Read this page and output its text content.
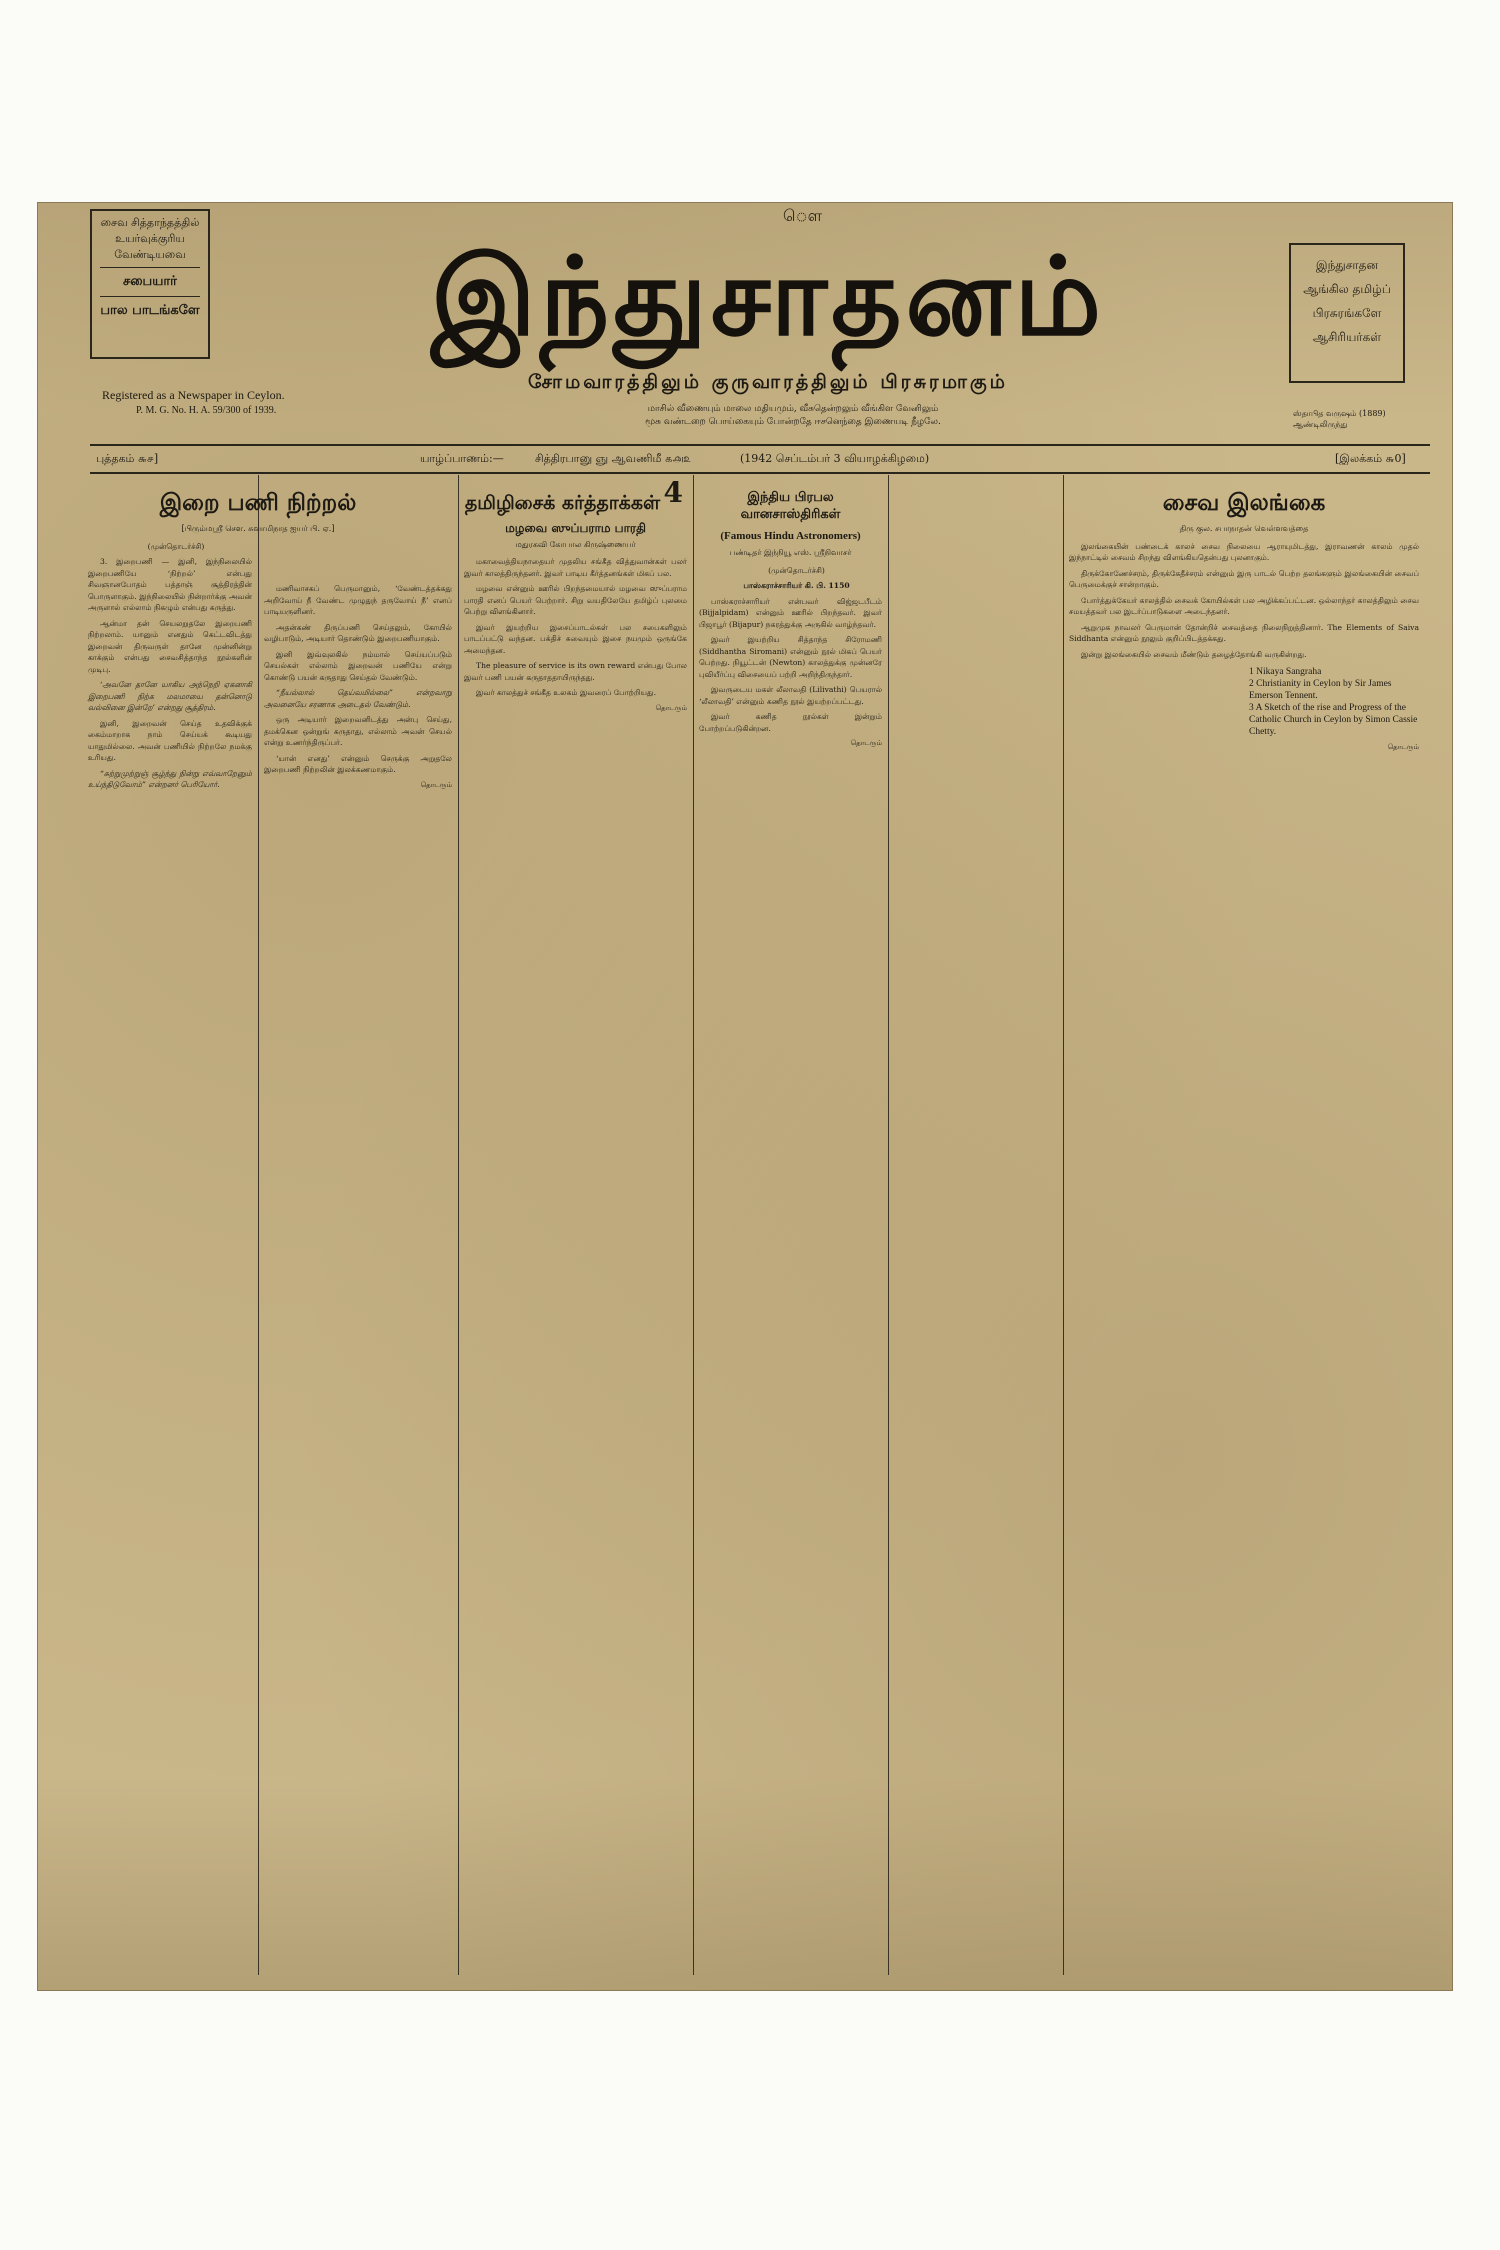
ௌ
சைவ சித்தாந்தத்தில்
உயர்வுக்குரிய வேண்டியவை
சபையார்
பால பாடங்களே	இந்துசாதனம்	இந்துசாதன
ஆங்கில தமிழ்ப்
பிரசுரங்களே
ஆசிரியர்கள்
சோமவாரத்திலும் குருவாரத்திலும் பிரசுரமாகும்
Registered as a Newspaper in Ceylon.
P. M. G. No. H. A. 59/300 of 1939.	மாசில் வீணையும் மாலை மதியமும், வீசுதென்றலும் வீங்கிள வேனிலும்
மூசு வண்டறை பொய்கையும் போன்றதே ஈசனெந்தை இணையடி நீழலே.
ஸ்தாபித வருஷம் (1889) ஆண்டிலிருந்து
புத்தகம் ௬௪]	யாழ்ப்பாணம்:—	சித்திரபானு ஞு ஆவணிமீ ௧௮௨	(1942 செப்டம்பர் 3 வியாழக்கிழமை)	[இலக்கம் ௬0]
இறை பணி நிற்றல்
[பிரும்மஸ்ரீ சௌ. சுவாமிநாத ஐயர் பி. ஏ.]

(முன்தொடர்ச்சி)

3. இறைபணி — இனி, இந்நிலையில் இறைபணியே ‘நிற்றல்’ என்பது சிவஞானபோதம் பத்தாஞ் சூத்திரத்தின் பொருளாகும். இந்நிலையில் நின்றார்க்கு அவன் அருளால் எல்லாம் நிகழும் என்பது கருத்து.

ஆன்மா தன் செயலறுதலே இறைபணி நிற்றலாம். யானும் எனதும் கெட்டவிடத்து இறைவன் திருவருள் தானே முன்னின்று காக்கும் என்பது சைவசித்தாந்த நூல்களின் முடிபு.

‘அவனே தானே யாகிய அந்நெறி ஏகனாகி இறைபணி நிற்க மலமாயை தன்னொடு வல்வினை இன்றே’ என்றது சூத்திரம்.

இனி, இறைவன் செய்த உதவிக்குக் கைம்மாறாக நாம் செய்யக் கூடியது யாதுமில்லை. அவன் பணியில் நிற்றலே நமக்கு உரியது.

“சுற்றுமுற்றுஞ் சூழ்ந்து நின்று எவ்வாறேனும் உய்ந்திடுவோம்” என்றனர் பெரியோர்.

மணிவாசகப் பெருமானும், ‘வேண்டத்தக்கது அறிவோய் நீ வேண்ட முழுதுந் தருவோய் நீ’ எனப் பாடியருளினர்.

அதன்கண் திருப்பணி செய்தலும், கோயில் வழிபாடும், அடியார் தொண்டும் இறைபணியாகும்.

இனி இவ்வுலகில் நம்மால் செய்யப்படும் செயல்கள் எல்லாம் இறைவன் பணியே என்று கொண்டு பயன் கருதாது செய்தல் வேண்டும்.

“நீயல்லால் தெய்வமில்லை” என்றவாறு அவனையே சரணாக அடைதல் வேண்டும்.

ஒரு அடியார் இறைவனிடத்து அன்பு செய்து, தமக்கென ஒன்றுங் கருதாது, எல்லாம் அவன் செயல் என்று உணர்ந்திருப்பர்.

‘யான் எனது’ என்னும் செருக்கு அறுதலே இறைபணி நிற்றலின் இலக்கணமாகும்.

தொடரும்
4
தமிழிசைக் கர்த்தாக்கள்
மழவை ஸுப்பராம பாரதி
மதுரகவி கோபால கிருஷ்ணையர்

மகாவைத்தியநாதையர் முதலிய சங்கீத வித்துவான்கள் பலர் இவர் காலத்திருந்தனர். இவர் பாடிய கீர்த்தனங்கள் மிகப் பல.

மழவை என்னும் ஊரில் பிறந்தமையால் மழவை ஸுப்பராம பாரதி எனப் பெயர் பெற்றார். சிறு வயதிலேயே தமிழ்ப் புலமை பெற்று விளங்கினார்.

இவர் இயற்றிய இசைப்பாடல்கள் பல சபைகளிலும் பாடப்பட்டு வந்தன. பக்திச் சுவையும் இசை நயமும் ஒருங்கே அமைந்தன.

The pleasure of service is its own reward என்பது போல இவர் பணி பயன் கருதாததாயிருந்தது.

இவர் காலத்துச் சங்கீத உலகம் இவரைப் போற்றியது.

தொடரும்
இந்திய பிரபல வானசாஸ்திரிகள்
(Famous Hindu Astronomers)
பண்டிதர் இந்நியூ எஸ். ஸ்ரீநிவாசர்

(முன்தொடர்ச்சி)

பாஸ்கராச்சாரியர் கி. பி. 1150

பாஸ்கராச்சாரியர் என்பவர் விஜ்ஜடபீடம் (Bijjalpidam) என்னும் ஊரில் பிறந்தவர். இவர் பிஜாபூர் (Bijapur) நகரத்துக்கு அருகில் வாழ்ந்தவர்.

இவர் இயற்றிய சித்தாந்த சிரோமணி (Siddhantha Siromani) என்னும் நூல் மிகப் பெயர் பெற்றது. நியூட்டன் (Newton) காலத்துக்கு முன்னரே புவியீர்ப்பு விசையைப் பற்றி அறிந்திருந்தார்.

இவருடைய மகள் லீலாவதி (Lilivathi) பெயரால் ‘லீலாவதி’ என்னும் கணித நூல் இயற்றப்பட்டது.

இவர் கணித நூல்கள் இன்றும் போற்றப்படுகின்றன.

தொடரும்
சைவ இலங்கை
திரு குல. சபாநாதன் வெள்ளவத்தை

இலங்கையின் பண்டைக் காலச் சைவ நிலையை ஆராயுமிடத்து, இராவணன் காலம் முதல் இந்நாட்டில் சைவம் சிறந்து விளங்கியதென்பது புலனாகும்.

திருக்கோணேச்சரம், திருக்கேதீச்சரம் என்னும் இரு பாடல் பெற்ற தலங்களும் இலங்கையின் சைவப் பெருமைக்குச் சான்றாகும்.

போர்த்துக்கேயர் காலத்தில் சைவக் கோயில்கள் பல அழிக்கப்பட்டன. ஒல்லாந்தர் காலத்திலும் சைவ சமயத்தவர் பல இடர்ப்பாடுகளை அடைந்தனர்.

ஆறுமுக நாவலர் பெருமான் தோன்றிச் சைவத்தை நிலைநிறுத்தினார். The Elements of Saiva Siddhanta என்னும் நூலும் குறிப்பிடத்தக்கது.

இன்று இலங்கையில் சைவம் மீண்டும் தழைத்தோங்கி வருகின்றது.

1 Nikaya Sangraha
2 Christianity in Ceylon by Sir James Emerson Tennent.
3 A Sketch of the rise and Progress of the Catholic Church in Ceylon by Simon Cassie Chetty.
தொடரும்
